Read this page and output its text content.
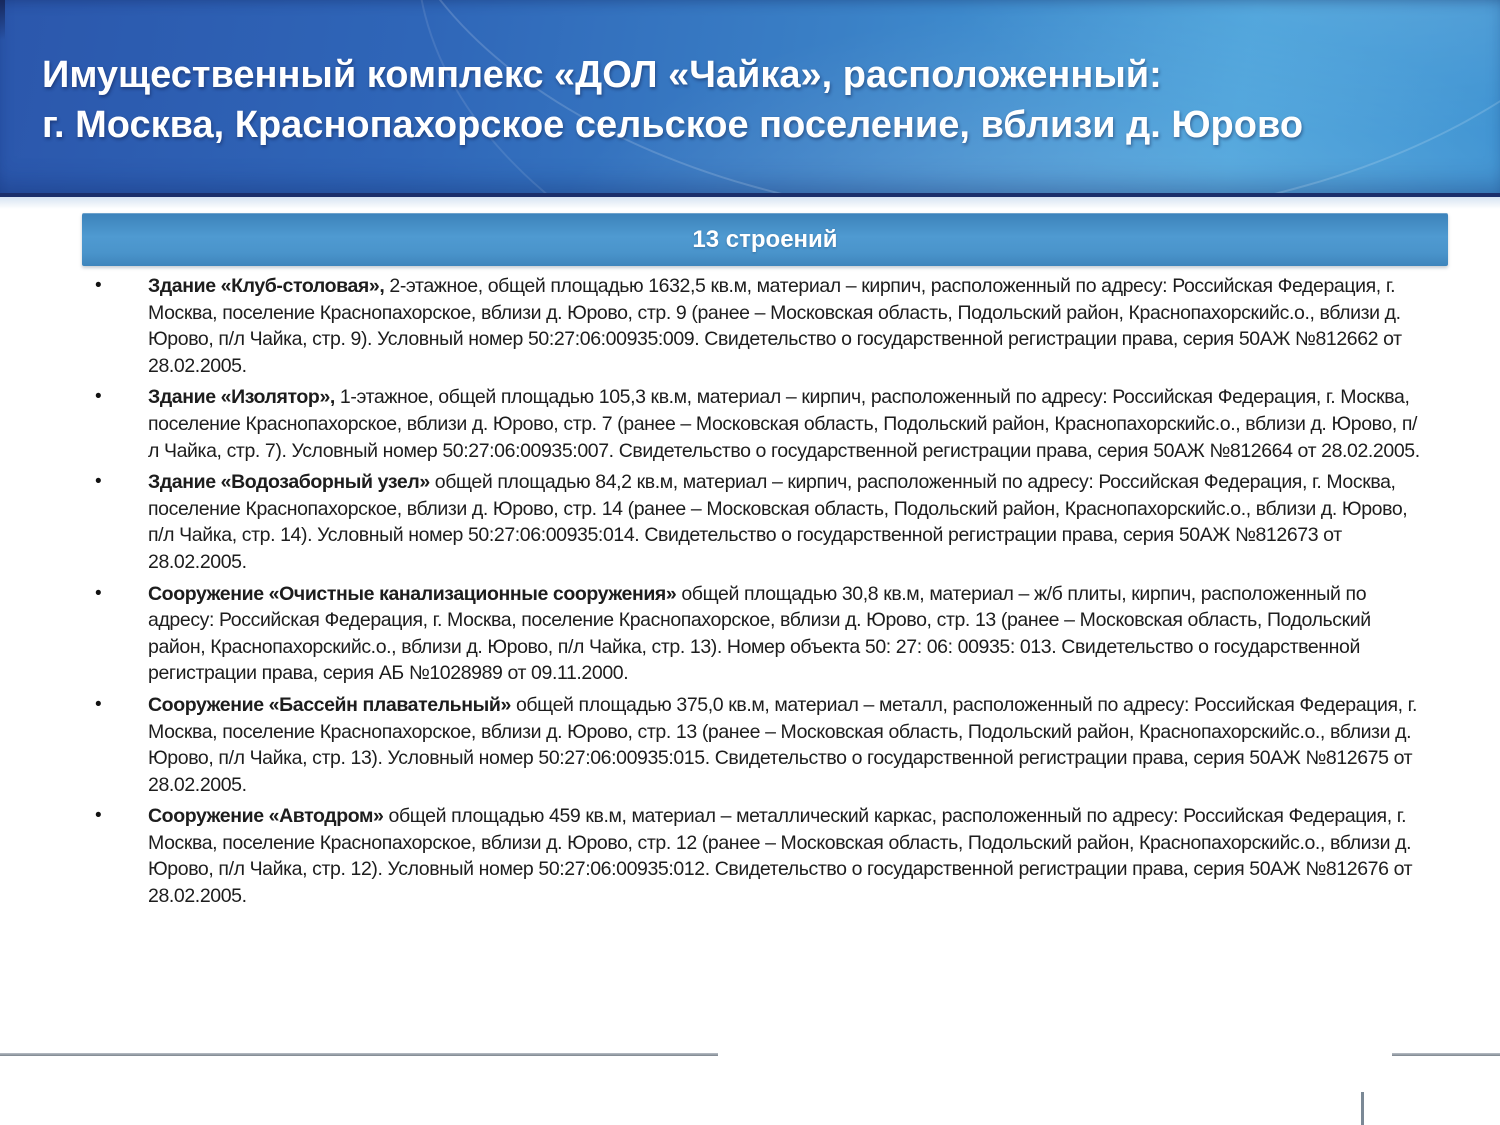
Имущественный комплекс «ДОЛ «Чайка», расположенный:
г. Москва, Краснопахорское сельское поселение, вблизи д. Юрово
13 строений
• Здание «Клуб-столовая», 2-этажное, общей площадью 1632,5 кв.м, материал – кирпич, расположенный по адресу: Российская Федерация, г. Москва, поселение Краснопахорское, вблизи д. Юрово, стр. 9 (ранее – Московская область, Подольский район, Краснопахорскийс.о., вблизи д. Юрово, п/л Чайка, стр. 9). Условный номер 50:27:06:00935:009. Свидетельство о государственной регистрации права, серия 50АЖ №812662 от 28.02.2005.
• Здание «Изолятор», 1-этажное, общей площадью 105,3 кв.м, материал – кирпич, расположенный по адресу: Российская Федерация, г. Москва, поселение Краснопахорское, вблизи д. Юрово, стр. 7 (ранее – Московская область, Подольский район, Краснопахорскийс.о., вблизи д. Юрово, п/л Чайка, стр. 7). Условный номер 50:27:06:00935:007. Свидетельство о государственной регистрации права, серия 50АЖ №812664 от 28.02.2005.
• Здание «Водозаборный узел» общей площадью 84,2 кв.м, материал – кирпич, расположенный по адресу: Российская Федерация, г. Москва, поселение Краснопахорское, вблизи д. Юрово, стр. 14 (ранее – Московская область, Подольский район, Краснопахорскийс.о., вблизи д. Юрово, п/л Чайка, стр. 14). Условный номер 50:27:06:00935:014. Свидетельство о государственной регистрации права, серия 50АЖ №812673 от 28.02.2005.
• Сооружение «Очистные канализационные сооружения» общей площадью 30,8 кв.м, материал – ж/б плиты, кирпич, расположенный по адресу: Российская Федерация, г. Москва, поселение Краснопахорское, вблизи д. Юрово, стр. 13 (ранее – Московская область, Подольский район, Краснопахорскийс.о., вблизи д. Юрово, п/л Чайка, стр. 13). Номер объекта 50: 27: 06: 00935: 013. Свидетельство о государственной регистрации права, серия АБ №1028989 от 09.11.2000.
• Сооружение «Бассейн плавательный» общей площадью 375,0 кв.м, материал – металл, расположенный по адресу: Российская Федерация, г. Москва, поселение Краснопахорское, вблизи д. Юрово, стр. 13 (ранее – Московская область, Подольский район, Краснопахорскийс.о., вблизи д. Юрово, п/л Чайка, стр. 13). Условный номер 50:27:06:00935:015. Свидетельство о государственной регистрации права, серия 50АЖ №812675 от 28.02.2005.
• Сооружение «Автодром» общей площадью 459 кв.м, материал – металлический каркас, расположенный по адресу: Российская Федерация, г. Москва, поселение Краснопахорское, вблизи д. Юрово, стр. 12 (ранее – Московская область, Подольский район, Краснопахорскийс.о., вблизи д. Юрово, п/л Чайка, стр. 12). Условный номер 50:27:06:00935:012. Свидетельство о государственной регистрации права, серия 50АЖ №812676 от 28.02.2005.
